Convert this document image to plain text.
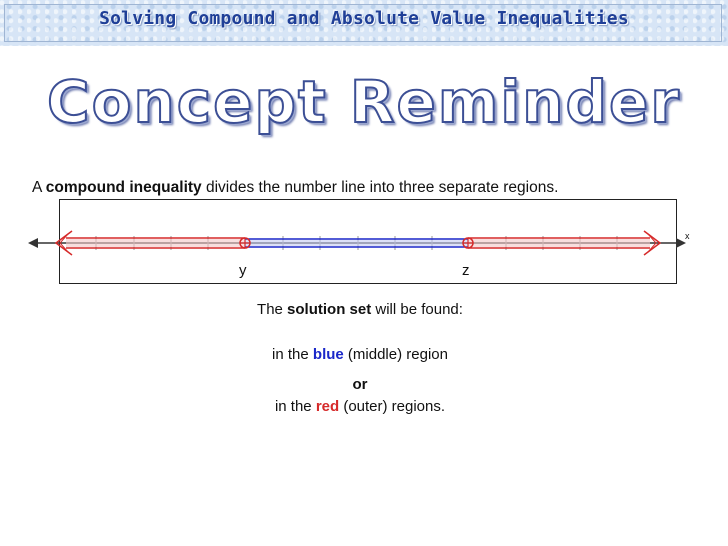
Solving Compound and Absolute Value Inequalities
Concept Reminder
A compound inequality divides the number line into three separate regions.
x
y	z
The solution set will be found:
in the blue (middle) region
or
in the red (outer) regions.
